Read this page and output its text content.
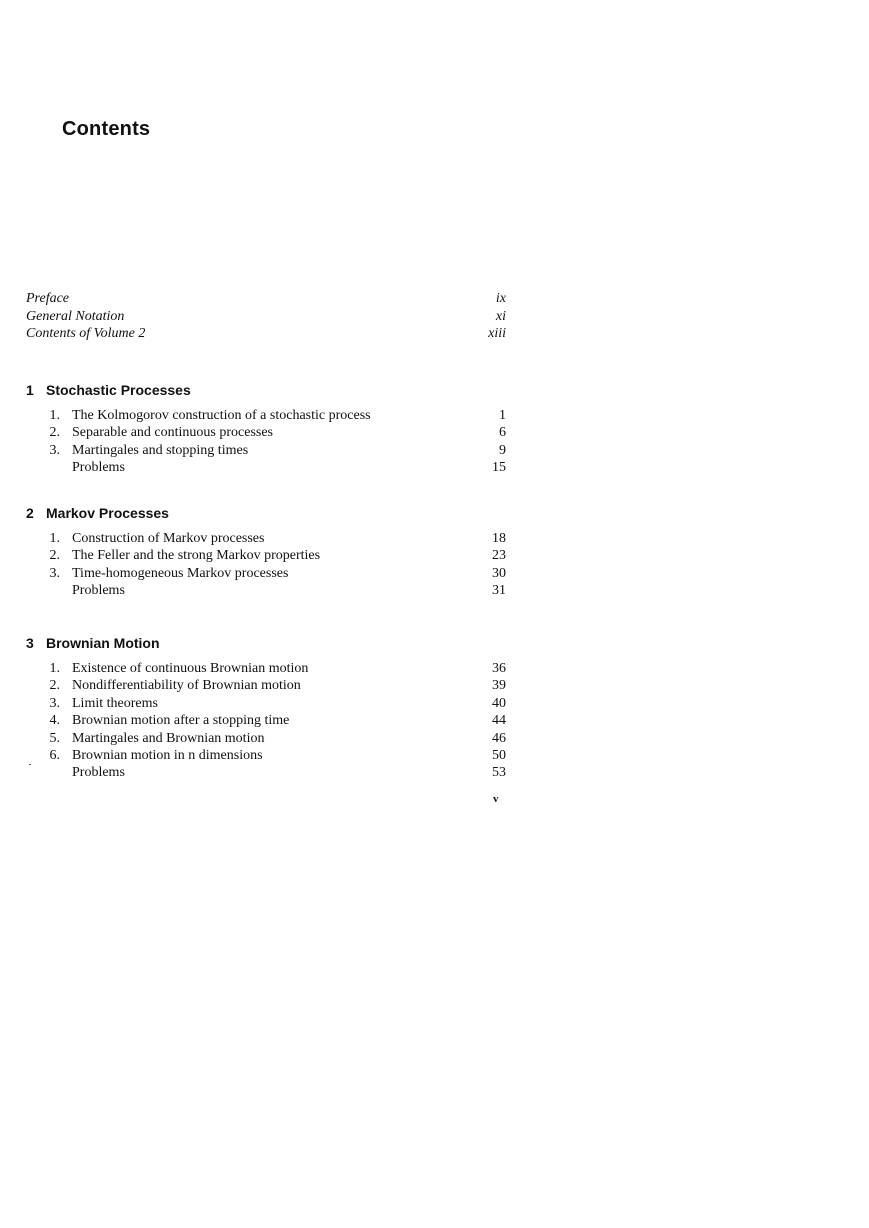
Contents
Preface	ix
General Notation	xi
Contents of Volume 2	xiii
1 Stochastic Processes
1. The Kolmogorov construction of a stochastic process	1
2. Separable and continuous processes	6
3. Martingales and stopping times	9
Problems	15
2 Markov Processes
1. Construction of Markov processes	18
2. The Feller and the strong Markov properties	23
3. Time-homogeneous Markov processes	30
Problems	31
3 Brownian Motion
1. Existence of continuous Brownian motion	36
2. Nondifferentiability of Brownian motion	39
3. Limit theorems	40
4. Brownian motion after a stopping time	44
5. Martingales and Brownian motion	46
6. Brownian motion in n dimensions	50
Problems	53
v
